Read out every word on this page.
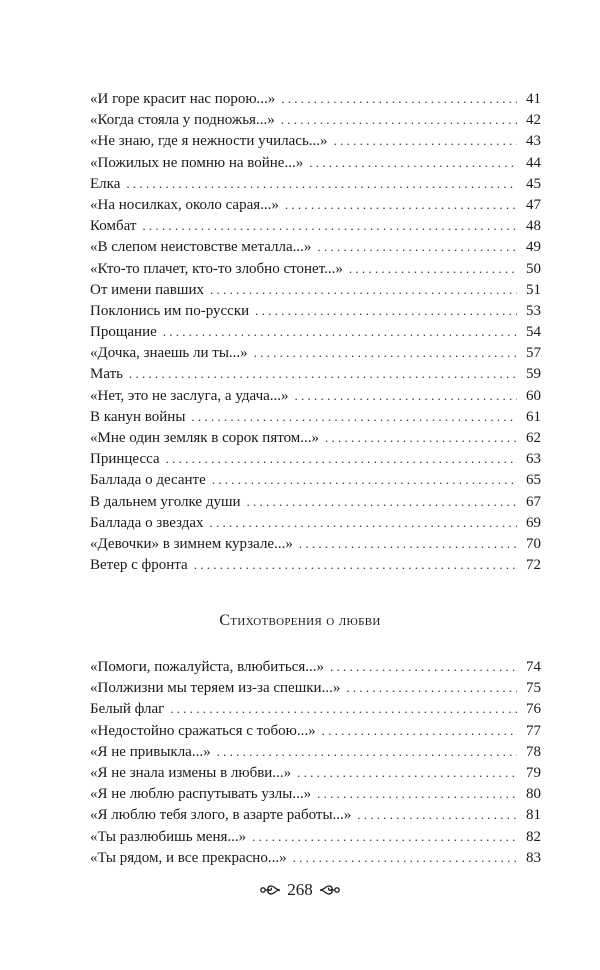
«И горе красит нас порою...» . . .	41
«Когда стояла у подножья...» . . .	42
«Не знаю, где я нежности училась...» . . .	43
«Пожилых не помню на войне...» . . .	44
Елка . . .	45
«На носилках, около сарая...» . . .	47
Комбат . . .	48
«В слепом неистовстве металла...» . . .	49
«Кто-то плачет, кто-то злобно стонет...» . . .	50
От имени павших . . .	51
Поклонись им по-русски . . .	53
Прощание . . .	54
«Дочка, знаешь ли ты...» . . .	57
Мать . . .	59
«Нет, это не заслуга, а удача...» . . .	60
В канун войны . . .	61
«Мне один земляк в сорок пятом...» . . .	62
Принцесса . . .	63
Баллада о десанте . . .	65
В дальнем уголке души . . .	67
Баллада о звездах . . .	69
«Девочки» в зимнем курзале...» . . .	70
Ветер с фронта . . .	72
Стихотворения о любви
«Помоги, пожалуйста, влюбиться...» . . .	74
«Полжизни мы теряем из-за спешки...» . . .	75
Белый флаг . . .	76
«Недостойно сражаться с тобою...» . . .	77
«Я не привыкла...» . . .	78
«Я не знала измены в любви...» . . .	79
«Я не люблю распутывать узлы...» . . .	80
«Я люблю тебя злого, в азарте работы...» . . .	81
«Ты разлюбишь меня...» . . .	82
«Ты рядом, и все прекрасно...» . . .	83
268
